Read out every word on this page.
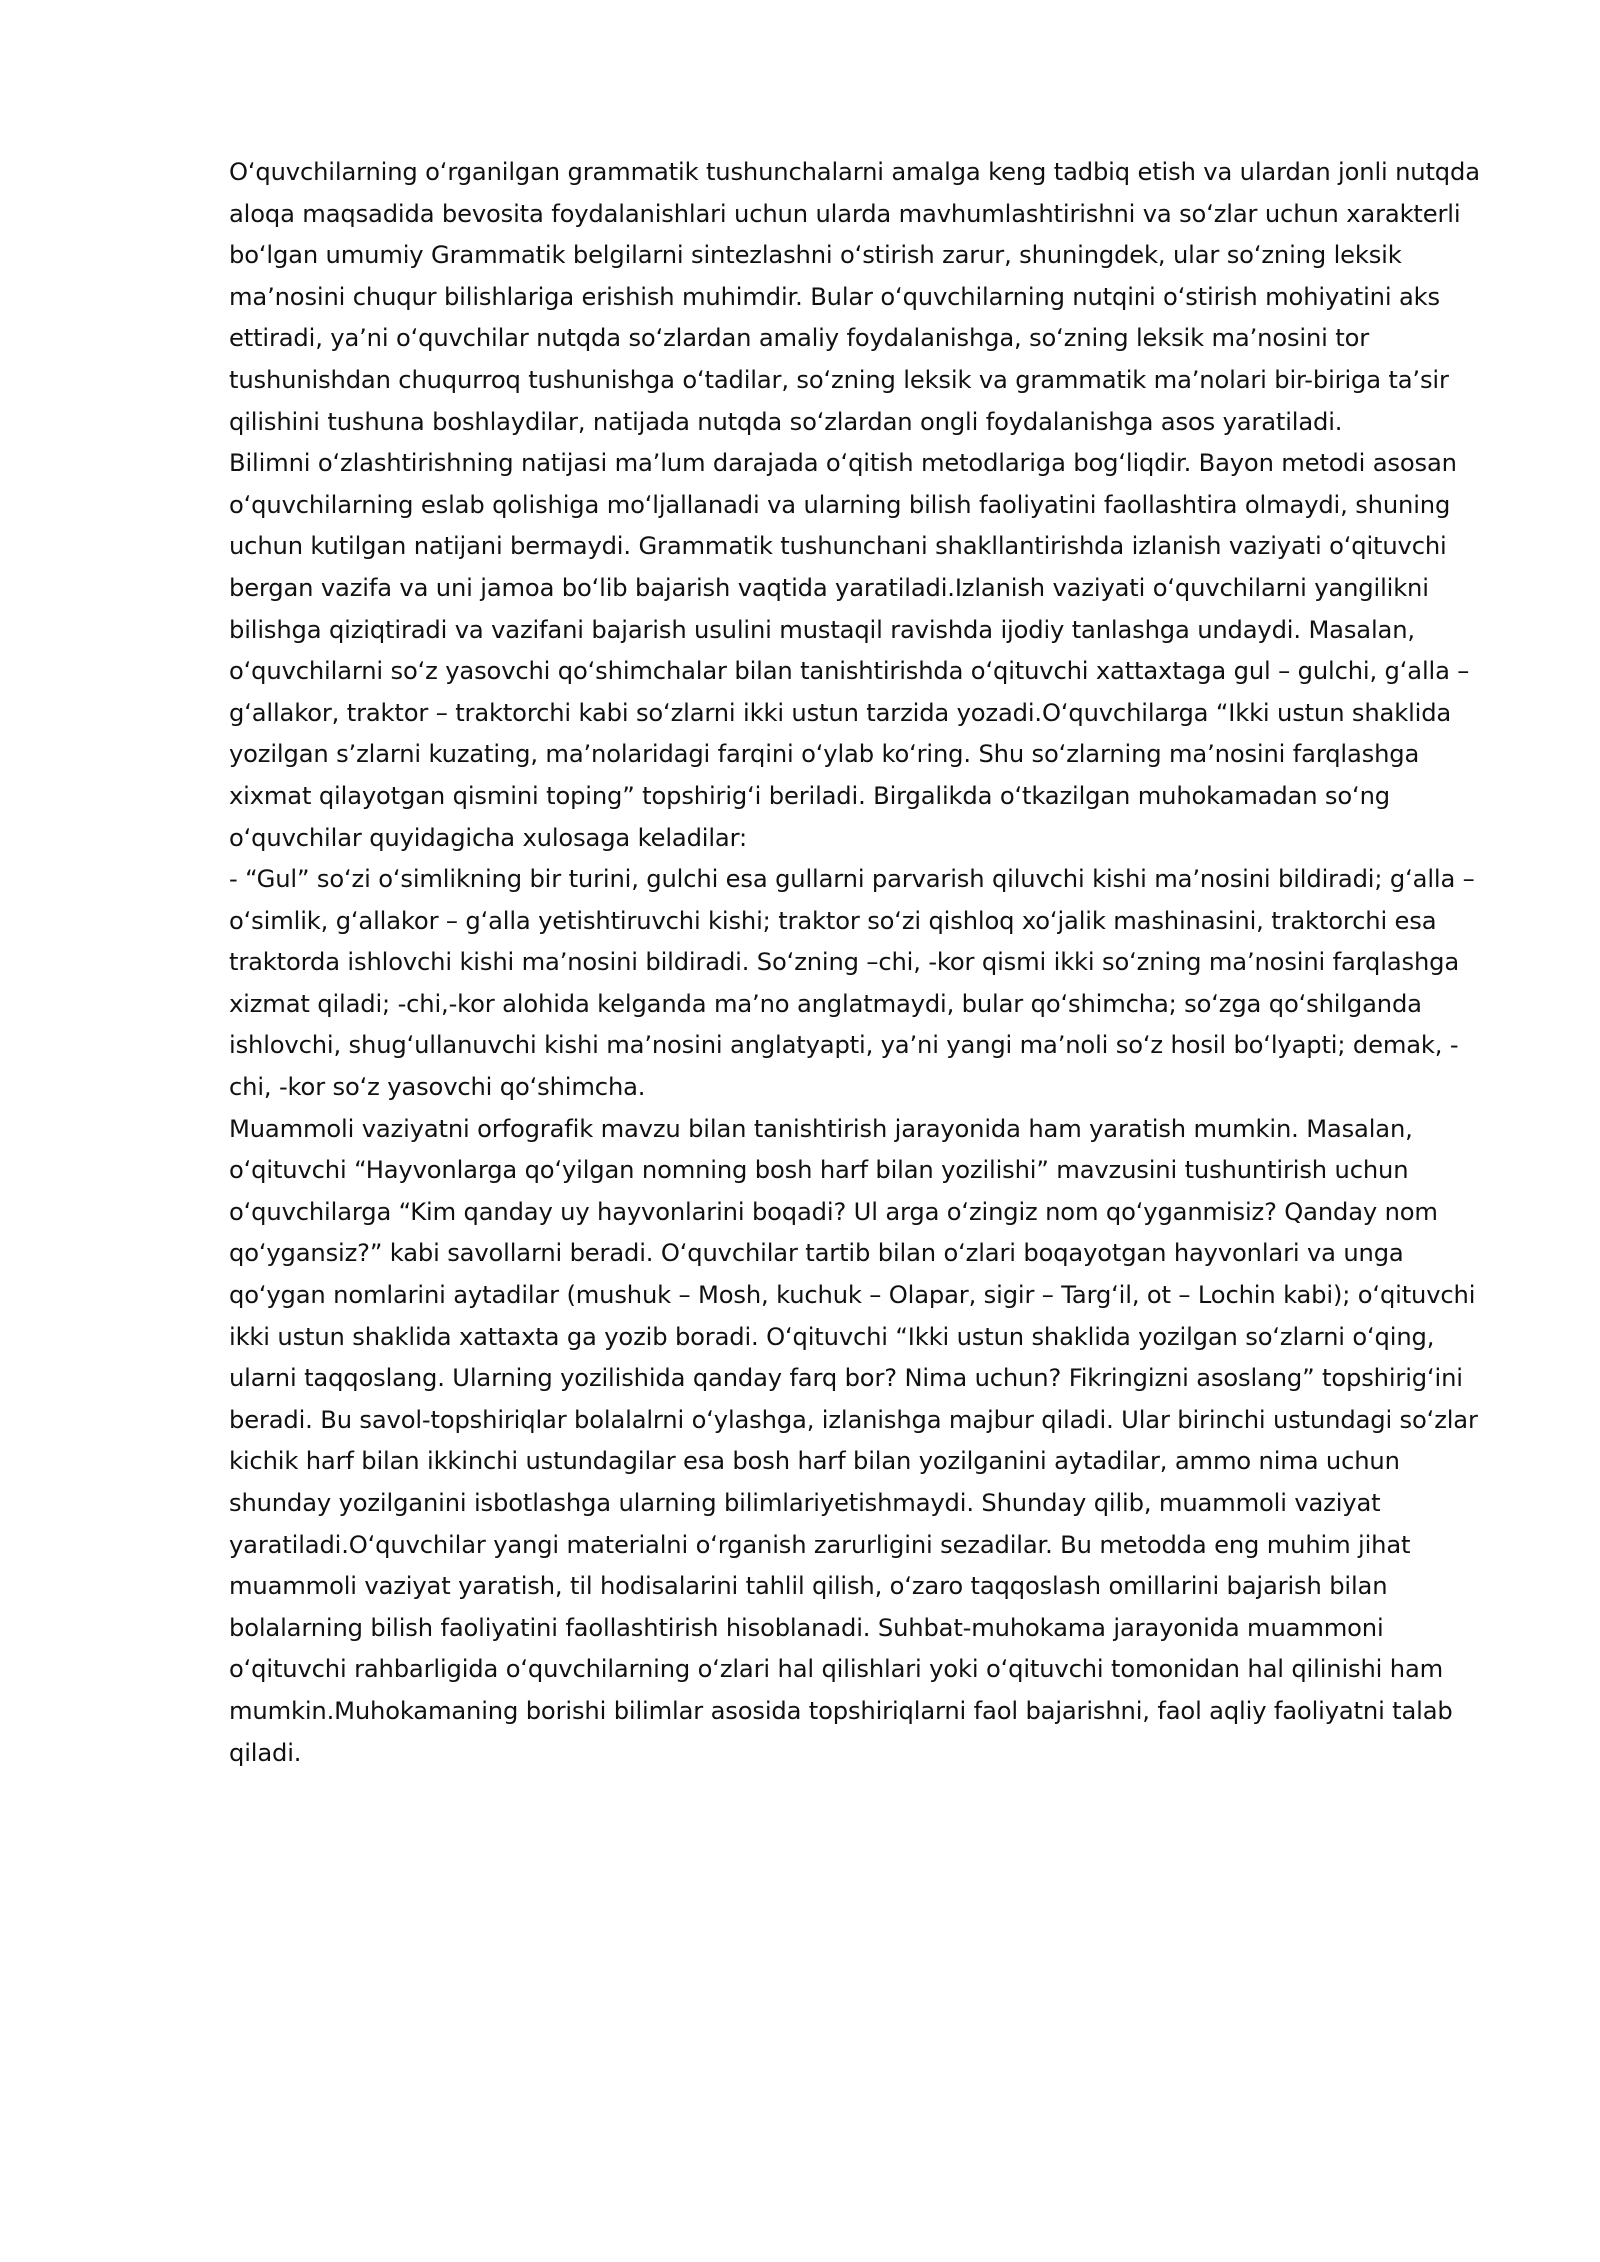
Oʻquvchilarning oʻrganilgan grammatik tushunchalarni amalga keng tadbiq etish va ulardan jonli nutqda aloqa maqsadida bevosita foydalanishlari uchun ularda mavhumlashtirishni va soʻzlar uchun xarakterli boʻlgan umumiy Grammatik belgilarni sintezlashni oʻstirish zarur, shuningdek, ular soʻzning leksik ma’nosini chuqur bilishlariga erishish muhimdir. Bular oʻquvchilarning nutqini oʻstirish mohiyatini aks ettiradi, ya’ni oʻquvchilar nutqda soʻzlardan amaliy foydalanishga, soʻzning leksik ma’nosini tor tushunishdan chuqurroq tushunishga oʻtadilar, soʻzning leksik va grammatik ma’nolari bir-biriga ta’sir qilishini tushuna boshlaydilar, natijada nutqda soʻzlardan ongli foydalanishga asos yaratiladi.

Bilimni oʻzlashtirishning natijasi ma’lum darajada oʻqitish metodlariga bogʻliqdir. Bayon metodi asosan oʻquvchilarning eslab qolishiga moʻljallanadi va ularning bilish faoliyatini faollashtira olmaydi, shuning uchun kutilgan natijani bermaydi. Grammatik tushunchani shakllantirishda izlanish vaziyati oʻqituvchi bergan vazifa va uni jamoa boʻlib bajarish vaqtida yaratiladi.Izlanish vaziyati oʻquvchilarni yangilikni bilishga qiziqtiradi va vazifani bajarish usulini mustaqil ravishda ijodiy tanlashga undaydi. Masalan, oʻquvchilarni soʻz yasovchi qoʻshimchalar bilan tanishtirishda oʻqituvchi xattaxtaga gul – gulchi, gʻalla – gʻallakor, traktor – traktorchi kabi soʻzlarni ikki ustun tarzida yozadi.Oʻquvchilarga “Ikki ustun shaklida yozilgan s’zlarni kuzating, ma’nolaridagi farqini oʻylab koʻring. Shu soʻzlarning ma’nosini farqlashga xixmat qilayotgan qismini toping” topshirigʻi beriladi. Birgalikda oʻtkazilgan muhokamadan soʻng oʻquvchilar quyidagicha xulosaga keladilar:

- “Gul” soʻzi oʻsimlikning bir turini, gulchi esa gullarni parvarish qiluvchi kishi ma’nosini bildiradi; gʻalla – oʻsimlik, gʻallakor – gʻalla yetishtiruvchi kishi; traktor soʻzi qishloq xoʻjalik mashinasini, traktorchi esa traktorda ishlovchi kishi ma’nosini bildiradi. Soʻzning –chi, -kor qismi ikki soʻzning ma’nosini farqlashga xizmat qiladi; -chi,-kor alohida kelganda ma’no anglatmaydi, bular qoʻshimcha; soʻzga qoʻshilganda ishlovchi, shugʻullanuvchi kishi ma’nosini anglatyapti, ya’ni yangi ma’noli soʻz hosil boʻlyapti; demak, -chi, -kor soʻz yasovchi qoʻshimcha.

Muammoli vaziyatni orfografik mavzu bilan tanishtirish jarayonida ham yaratish mumkin. Masalan, oʻqituvchi “Hayvonlarga qoʻyilgan nomning bosh harf bilan yozilishi” mavzusini tushuntirish uchun oʻquvchilarga “Kim qanday uy hayvonlarini boqadi? Ul arga oʻzingiz nom qoʻyganmisiz? Qanday nom qoʻygansiz?” kabi savollarni beradi. Oʻquvchilar tartib bilan oʻzlari boqayotgan hayvonlari va unga qoʻygan nomlarini aytadilar (mushuk – Mosh, kuchuk – Olapar, sigir – Targʻil, ot – Lochin kabi); oʻqituvchi ikki ustun shaklida xattaxta ga yozib boradi. Oʻqituvchi “Ikki ustun shaklida yozilgan soʻzlarni oʻqing, ularni taqqoslang. Ularning yozilishida qanday farq bor? Nima uchun? Fikringizni asoslang” topshirigʻini beradi. Bu savol-topshiriqlar bolalalrni oʻylashga, izlanishga majbur qiladi. Ular birinchi ustundagi soʻzlar kichik harf bilan ikkinchi ustundagilar esa bosh harf bilan yozilganini aytadilar, ammo nima uchun shunday yozilganini isbotlashga ularning bilimlariyetishmaydi. Shunday qilib, muammoli vaziyat yaratiladi.Oʻquvchilar yangi materialni oʻrganish zarurligini sezadilar. Bu metodda eng muhim jihat muammoli vaziyat yaratish, til hodisalarini tahlil qilish, oʻzaro taqqoslash omillarini bajarish bilan bolalarning bilish faoliyatini faollashtirish hisoblanadi. Suhbat-muhokama jarayonida muammoni oʻqituvchi rahbarligida oʻquvchilarning oʻzlari hal qilishlari yoki oʻqituvchi tomonidan hal qilinishi ham mumkin.Muhokamaning borishi bilimlar asosida topshiriqlarni faol bajarishni, faol aqliy faoliyatni talab qiladi.
